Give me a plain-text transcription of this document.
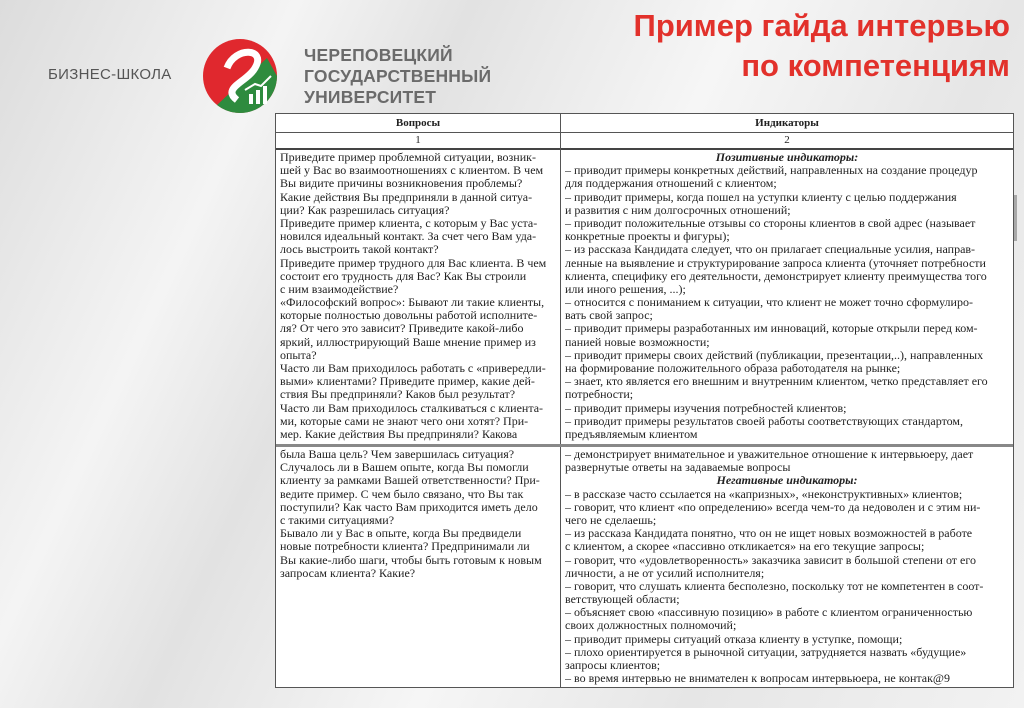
БИЗНЕС-ШКОЛА
ЧЕРЕПОВЕЦКИЙ
ГОСУДАРСТВЕННЫЙ
УНИВЕРСИТЕТ
Пример гайда интервью
по компетенциям
Вопросы	Индикаторы
1	2
Приведите пример проблемной ситуации, возник-
шей у Вас во взаимоотношениях с клиентом. В чем
Вы видите причины возникновения проблемы?
Какие действия Вы предприняли в данной ситуа-
ции? Как разрешилась ситуация?
Приведите пример клиента, с которым у Вас уста-
новился идеальный контакт. За счет чего Вам уда-
лось выстроить такой контакт?
Приведите пример трудного для Вас клиента. В чем
состоит его трудность для Вас? Как Вы строили
с ним взаимодействие?
«Философский вопрос»: Бывают ли такие клиенты,
которые полностью довольны работой исполните-
ля? От чего это зависит? Приведите какой-либо
яркий, иллюстрирующий Ваше мнение пример из
опыта?
Часто ли Вам приходилось работать с «привередли-
выми» клиентами? Приведите пример, какие дей-
ствия Вы предприняли? Каков был результат?
Часто ли Вам приходилось сталкиваться с клиента-
ми, которые сами не знают чего они хотят? При-
мер. Какие действия Вы предприняли? Какова
была Ваша цель? Чем завершилась ситуация?
Случалось ли в Вашем опыте, когда Вы помогли
клиенту за рамками Вашей ответственности? При-
ведите пример. С чем было связано, что Вы так
поступили? Как часто Вам приходится иметь дело
с такими ситуациями?
Бывало ли у Вас в опыте, когда Вы предвидели
новые потребности клиента? Предпринимали ли
Вы какие-либо шаги, чтобы быть готовым к новым
запросам клиента? Какие?
Позитивные индикаторы:
– приводит примеры конкретных действий, направленных на создание процедур
для поддержания отношений с клиентом;
– приводит примеры, когда пошел на уступки клиенту с целью поддержания
и развития с ним долгосрочных отношений;
– приводит положительные отзывы со стороны клиентов в свой адрес (называет
конкретные проекты и фигуры);
– из рассказа Кандидата следует, что он прилагает специальные усилия, направ-
ленные на выявление и структурирование запроса клиента (уточняет потребности
клиента, специфику его деятельности, демонстрирует клиенту преимущества того
или иного решения, ...);
– относится с пониманием к ситуации, что клиент не может точно сформулиро-
вать свой запрос;
– приводит примеры разработанных им инноваций, которые открыли перед ком-
панией новые возможности;
– приводит примеры своих действий (публикации, презентации,..), направленных
на формирование положительного образа работодателя на рынке;
– знает, кто является его внешним и внутренним клиентом, четко представляет его
потребности;
– приводит примеры изучения потребностей клиентов;
– приводит примеры результатов своей работы соответствующих стандартом,
предъявляемым клиентом
– демонстрирует внимательное и уважительное отношение к интервьюеру, дает
развернутые ответы на задаваемые вопросы
Негативные индикаторы:
– в рассказе часто ссылается на «капризных», «неконструктивных» клиентов;
– говорит, что клиент «по определению» всегда чем-то да недоволен и с этим ни-
чего не сделаешь;
– из рассказа Кандидата понятно, что он не ищет новых возможностей в работе
с клиентом, а скорее «пассивно откликается» на его текущие запросы;
– говорит, что «удовлетворенность» заказчика зависит в большой степени от его
личности, а не от усилий исполнителя;
– говорит, что слушать клиента бесполезно, поскольку тот не компетентен в соот-
ветствующей области;
– объясняет свою «пассивную позицию» в работе с клиентом ограниченностью
своих должностных полномочий;
– приводит примеры ситуаций отказа клиенту в уступке, помощи;
– плохо ориентируется в рыночной ситуации, затрудняется назвать «будущие»
запросы клиентов;
– во время интервью не внимателен к вопросам интервьюера, не контак@9
